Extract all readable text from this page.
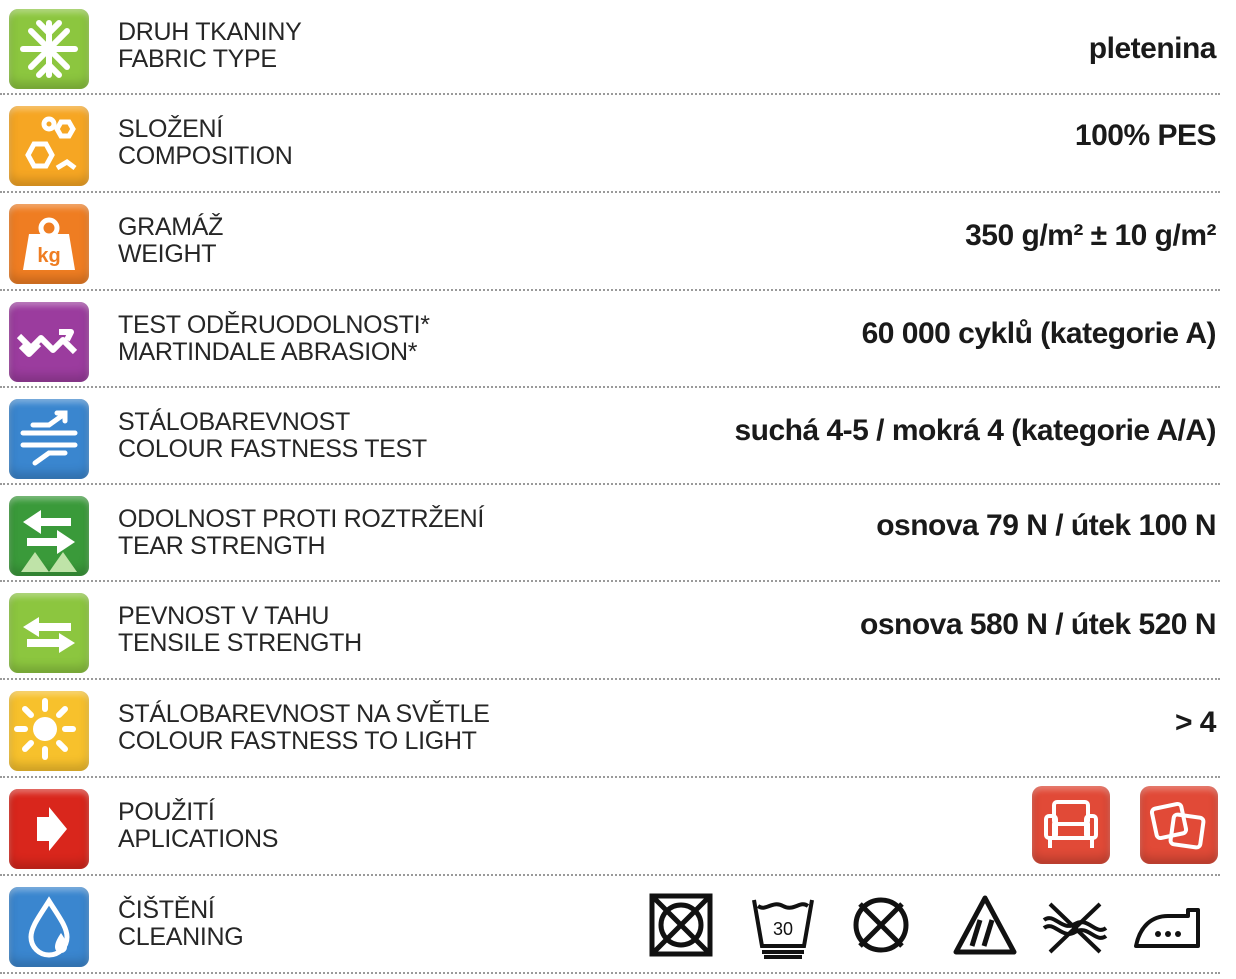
DRUH TKANINY
FABRIC TYPE	pletenina
SLOŽENÍ
COMPOSITION
100% PES
kg
GRAMÁŽ
WEIGHT
350 g/m² ± 10 g/m²
TEST ODĚRUODOLNOSTI*
MARTINDALE ABRASION*
60 000 cyklů (kategorie A)
STÁLOBAREVNOST
COLOUR FASTNESS TEST
suchá 4-5 / mokrá 4 (kategorie A/A)
ODOLNOST PROTI ROZTRŽENÍ
TEAR STRENGTH
osnova 79 N / útek 100 N
PEVNOST V TAHU
TENSILE STRENGTH
osnova 580 N / útek 520 N
STÁLOBAREVNOST NA SVĚTLE
COLOUR FASTNESS TO LIGHT
> 4
POUŽITÍ
APLICATIONS
ČIŠTĚNÍ
CLEANING	30
